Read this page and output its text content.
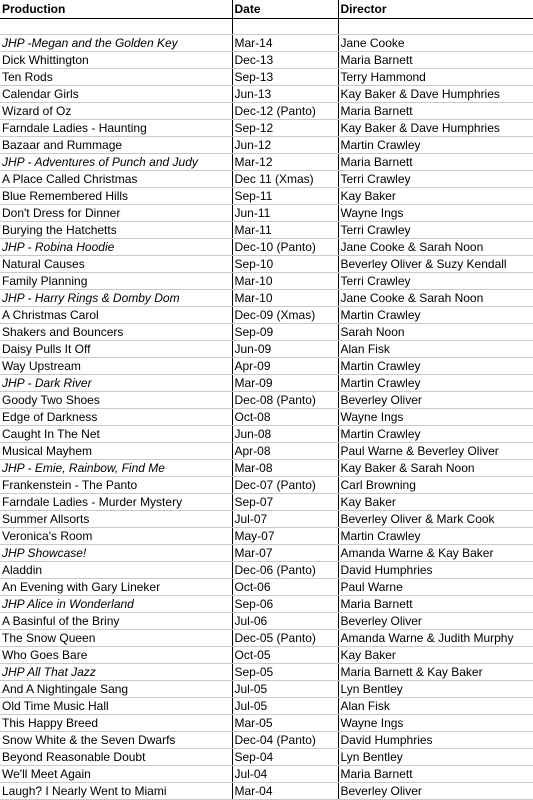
Production	Date	Director

JHP -Megan and the Golden Key	Mar-14	Jane Cooke
Dick Whittington	Dec-13	Maria Barnett
Ten Rods	Sep-13	Terry Hammond
Calendar Girls	Jun-13	Kay Baker & Dave Humphries
Wizard of Oz	Dec-12 (Panto)	Maria Barnett
Farndale Ladies - Haunting	Sep-12	Kay Baker & Dave Humphries
Bazaar and Rummage	Jun-12	Martin Crawley
JHP - Adventures of Punch and Judy	Mar-12	Maria Barnett
A Place Called Christmas	Dec 11 (Xmas)	Terri Crawley
Blue Remembered Hills	Sep-11	Kay Baker
Don't Dress for Dinner	Jun-11	Wayne Ings
Burying the Hatchetts	Mar-11	Terri Crawley
JHP - Robina Hoodie	Dec-10 (Panto)	Jane Cooke & Sarah Noon
Natural Causes	Sep-10	Beverley Oliver & Suzy Kendall
Family Planning	Mar-10	Terri Crawley
JHP - Harry Rings & Domby Dom	Mar-10	Jane Cooke & Sarah Noon
A Christmas Carol	Dec-09 (Xmas)	Martin Crawley
Shakers and Bouncers	Sep-09	Sarah Noon
Daisy Pulls It Off	Jun-09	Alan Fisk
Way Upstream	Apr-09	Martin Crawley
JHP - Dark River	Mar-09	Martin Crawley
Goody Two Shoes	Dec-08 (Panto)	Beverley Oliver
Edge of Darkness	Oct-08	Wayne Ings
Caught In The Net	Jun-08	Martin Crawley
Musical Mayhem	Apr-08	Paul Warne & Beverley Oliver
JHP - Emie, Rainbow, Find Me	Mar-08	Kay Baker & Sarah Noon
Frankenstein - The Panto	Dec-07 (Panto)	Carl Browning
Farndale Ladies - Murder Mystery	Sep-07	Kay Baker
Summer Allsorts	Jul-07	Beverley Oliver & Mark Cook
Veronica's Room	May-07	Martin Crawley
JHP Showcase!	Mar-07	Amanda Warne & Kay Baker
Aladdin	Dec-06 (Panto)	David Humphries
An Evening with Gary Lineker	Oct-06	Paul Warne
JHP Alice in Wonderland	Sep-06	Maria Barnett
A Basinful of the Briny	Jul-06	Beverley Oliver
The Snow Queen	Dec-05 (Panto)	Amanda Warne & Judith Murphy
Who Goes Bare	Oct-05	Kay Baker
JHP All That Jazz	Sep-05	Maria Barnett & Kay Baker
And A Nightingale Sang	Jul-05	Lyn Bentley
Old Time Music Hall	Jul-05	Alan Fisk
This Happy Breed	Mar-05	Wayne Ings
Snow White & the Seven Dwarfs	Dec-04 (Panto)	David Humphries
Beyond Reasonable Doubt	Sep-04	Lyn Bentley
We'll Meet Again	Jul-04	Maria Barnett
Laugh? I Nearly Went to Miami	Mar-04	Beverley Oliver
